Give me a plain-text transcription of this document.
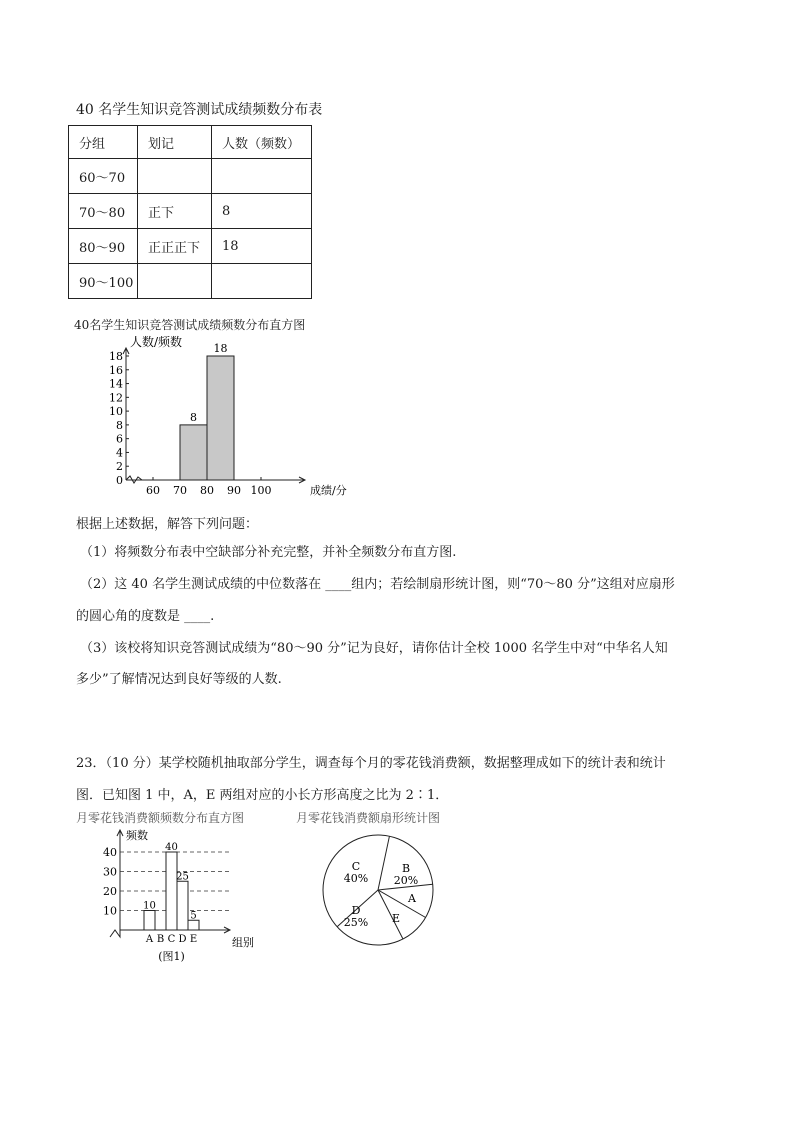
40 名学生知识竞答测试成绩频数分布表
分组	划记	人数（频数）
60～70		
70～80	正下	8
80～90	正正正下	18
90～100		
40名学生知识竞答测试成绩频数分布直方图
0
2
4
6
8
10
12
14
16
18
60 70 80 90 100	成绩/分
人数/频数
8
18
根据上述数据，解答下列问题：
（1）将频数分布表中空缺部分补充完整，并补全频数分布直方图.
（2）这 40 名学生测试成绩的中位数落在 ____组内；若绘制扇形统计图，则“70～80 分”这组对应扇形
的圆心角的度数是 ____.
（3）该校将知识竞答测试成绩为“80～90 分”记为良好，请你估计全校 1000 名学生中对“中华名人知
多少”了解情况达到良好等级的人数.
23．（10 分）某学校随机抽取部分学生，调查每个月的零花钱消费额，数据整理成如下的统计表和统计
图．已知图 1 中，A，E 两组对应的小长方形高度之比为 2∶1．
月零花钱消费额频数分布直方图	月零花钱消费额扇形统计图
频数
10
20
30
40
10
40
25
5
A B C D E	组别
(图1)
C
40%
B
20%
A
E
D
25%
